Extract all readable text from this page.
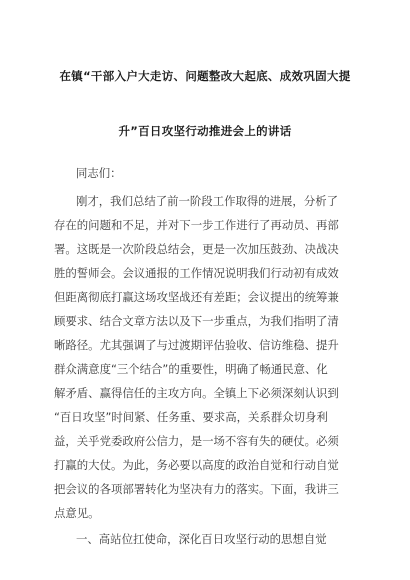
在镇“干部入户大走访、问题整改大起底、成效巩固大提
升”百日攻坚行动推进会上的讲话
同志们：
刚才，我们总结了前一阶段工作取得的进展，分析了
存在的问题和不足，并对下一步工作进行了再动员、再部
署。这既是一次阶段总结会，更是一次加压鼓劲、决战决
胜的誓师会。会议通报的工作情况说明我们行动初有成效
但距离彻底打赢这场攻坚战还有差距；会议提出的统筹兼
顾要求、结合文章方法以及下一步重点，为我们指明了清
晰路径。尤其强调了与过渡期评估验收、信访维稳、提升
群众满意度“三个结合”的重要性，明确了畅通民意、化
解矛盾、赢得信任的主攻方向。全镇上下必须深刻认识到
“百日攻坚”时间紧、任务重、要求高，关系群众切身利
益，关乎党委政府公信力，是一场不容有失的硬仗。必须
打赢的大仗。为此，务必要以高度的政治自觉和行动自觉
把会议的各项部署转化为坚决有力的落实。下面，我讲三
点意见。
一、高站位扛使命，深化百日攻坚行动的思想自觉
